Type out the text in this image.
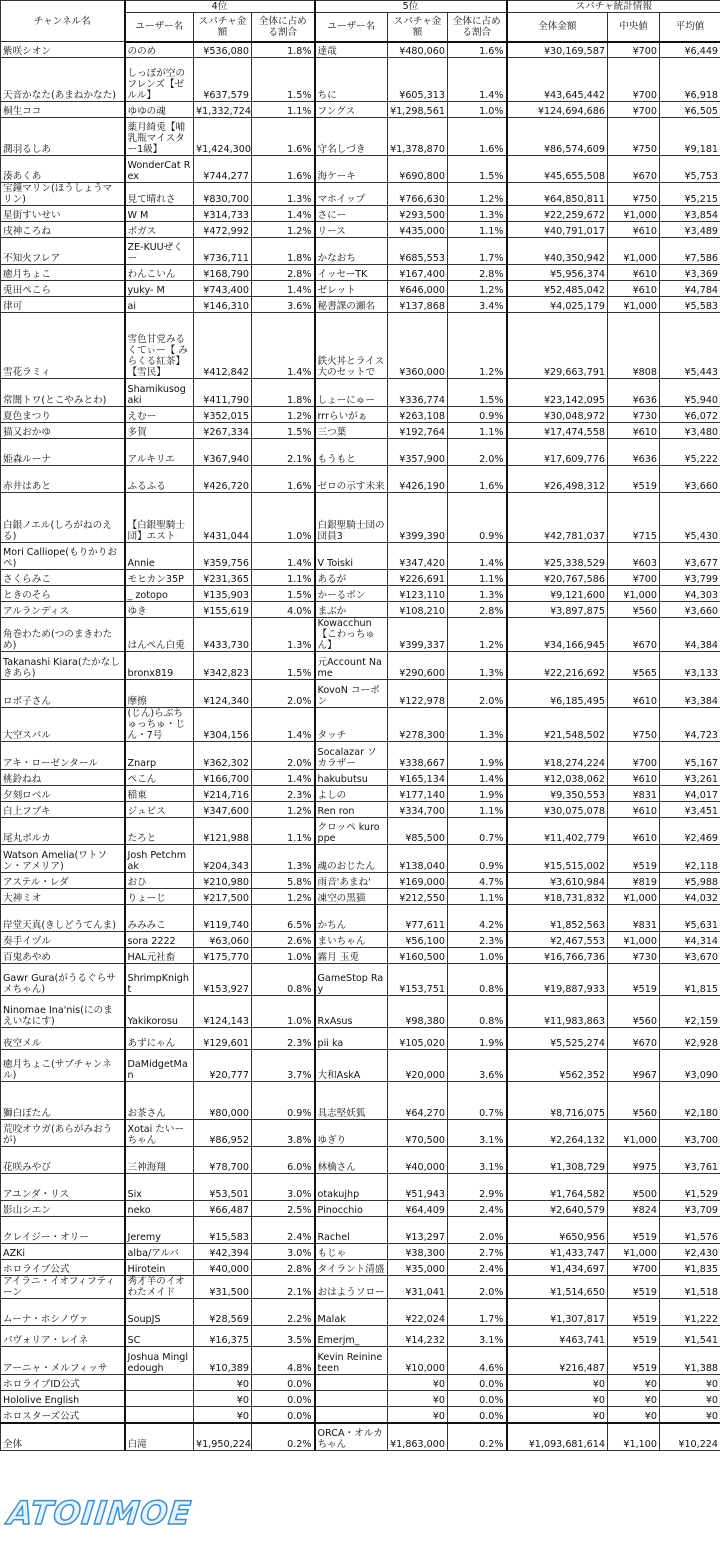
チャンネル名	4位			5位			スパチャ統計情報		
	ユーザー名	スパチャ金額	全体に占める割合	ユーザー名	スパチャ金額	全体に占める割合	全体金額	中央値	平均値
紫咲シオン	ののめ	¥536,080	1.8%	達哉	¥480,060	1.6%	¥30,169,587	¥700	¥6,449
天音かなた(あまねかなた)	しっぽが空のフレンズ【ゼルル】	¥637,579	1.5%	ちに	¥605,313	1.4%	¥43,645,442	¥700	¥6,918
桐生ココ	ゆゆの魂	¥1,332,724	1.1%	フングス	¥1,298,561	1.0%	¥124,694,686	¥700	¥6,505
潤羽るしあ	薬月綺兎【哺乳瓶マイスター1級】	¥1,424,300	1.6%	守名しづき	¥1,378,870	1.6%	¥86,574,609	¥750	¥9,181
湊あくあ	WonderCat Rex	¥744,277	1.6%	海ケーキ	¥690,800	1.5%	¥45,655,508	¥670	¥5,753
宝鐘マリン(ほうしょうマリン)	見て晴れさ	¥830,700	1.3%	マホイップ	¥766,630	1.2%	¥64,850,811	¥750	¥5,215
星街すいせい	W M	¥314,733	1.4%	さにー	¥293,500	1.3%	¥22,259,672	¥1,000	¥3,854
戌神ころね	ボガス	¥472,992	1.2%	リース	¥435,000	1.1%	¥40,791,017	¥610	¥3,489
不知火フレア	ZE-KUUぜくー	¥736,711	1.8%	かなおち	¥685,553	1.7%	¥40,350,942	¥1,000	¥7,586
癒月ちょこ	わんこいん	¥168,790	2.8%	イッセーTK	¥167,400	2.8%	¥5,956,374	¥610	¥3,369
兎田ぺこら	yuky- M	¥743,400	1.4%	ゼレット	¥646,000	1.2%	¥52,485,042	¥610	¥4,784
律可	ai	¥146,310	3.6%	秘書課の瀬名	¥137,868	3.4%	¥4,025,179	¥1,000	¥5,583
雪花ラミィ	雪色甘党みるくてぃー【 みらくる紅茶】【雪民】	¥412,842	1.4%	鉄火丼とライス大のセットで	¥360,000	1.2%	¥29,663,791	¥808	¥5,443
常闇トワ(とこやみとわ)	Shamikusogaki	¥411,790	1.8%	しょーにゅー	¥336,774	1.5%	¥23,142,095	¥636	¥5,940
夏色まつり	えむー	¥352,015	1.2%	rrrらいがぁ	¥263,108	0.9%	¥30,048,972	¥730	¥6,072
猫又おかゆ	多賀	¥267,334	1.5%	三つ葉	¥192,764	1.1%	¥17,474,558	¥610	¥3,480
姫森ルーナ	アルキリエ	¥367,940	2.1%	もうもと	¥357,900	2.0%	¥17,609,776	¥636	¥5,222
赤井はあと	ふるふる	¥426,720	1.6%	ゼロの示す未来	¥426,190	1.6%	¥26,498,312	¥519	¥3,660
白銀ノエル(しろがねのえる)	【白銀聖騎士団】エスト	¥431,044	1.0%	白銀聖騎士団の団員3	¥399,390	0.9%	¥42,781,037	¥715	¥5,430
Mori Calliope(もりかりおぺ)	Annie	¥359,756	1.4%	V Toiski	¥347,420	1.4%	¥25,338,529	¥603	¥3,677
さくらみこ	モヒカン35P	¥231,365	1.1%	あるが	¥226,691	1.1%	¥20,767,586	¥700	¥3,799
ときのそら	_ zotopo	¥135,903	1.5%	かーるボン	¥123,110	1.3%	¥9,121,600	¥1,000	¥4,303
アルランディス	ゆき	¥155,619	4.0%	まぶか	¥108,210	2.8%	¥3,897,875	¥560	¥3,660
角巻わため(つのまきわため)	はんぺん白兎	¥433,730	1.3%	Kowacchun【こわっちゅん】	¥399,337	1.2%	¥34,166,945	¥670	¥4,384
Takanashi Kiara(たかなしきあら)	bronx819	¥342,823	1.5%	元Account Name	¥290,600	1.3%	¥22,216,692	¥565	¥3,133
ロボ子さん	摩擦	¥124,340	2.0%	KovoN コーボン	¥122,978	2.0%	¥6,185,495	¥610	¥3,384
大空スバル	(じん)らぶちゅっちゅ・じん・7号	¥304,156	1.4%	タッチ	¥278,300	1.3%	¥21,548,502	¥750	¥4,723
アキ・ローゼンタール	Znarp	¥362,302	2.0%	Socalazar ソカラザー	¥338,667	1.9%	¥18,274,224	¥700	¥5,167
桃鈴ねね	ぺこん	¥166,700	1.4%	hakubutsu	¥165,134	1.4%	¥12,038,062	¥610	¥3,261
夕刻ロベル	稲東	¥214,716	2.3%	よしの	¥177,140	1.9%	¥9,350,553	¥831	¥4,017
白上フブキ	ジュビス	¥347,600	1.2%	Ren ron	¥334,700	1.1%	¥30,075,078	¥610	¥3,451
尾丸ポルカ	たろと	¥121,988	1.1%	クロッペ kuroppe	¥85,500	0.7%	¥11,402,779	¥610	¥2,469
Watson Amelia(ワトソン・アメリア)	Josh Petchmak	¥204,343	1.3%	魂のおじたん	¥138,040	0.9%	¥15,515,002	¥519	¥2,118
アステル・レダ	おひ	¥210,980	5.8%	雨音'あまね'	¥169,000	4.7%	¥3,610,984	¥819	¥5,988
大神ミオ	りょーじ	¥217,500	1.2%	凍空の黒猫	¥212,550	1.1%	¥18,731,832	¥1,000	¥4,032
岸堂天真(きしどうてんま)	みみみこ	¥119,740	6.5%	かちん	¥77,611	4.2%	¥1,852,563	¥831	¥5,631
奏手イヅル	sora 2222	¥63,060	2.6%	まいちゃん	¥56,100	2.3%	¥2,467,553	¥1,000	¥4,314
百鬼あやめ	HAL元社畜	¥175,770	1.0%	霧月 玉兎	¥160,500	1.0%	¥16,766,736	¥730	¥3,670
Gawr Gura(がうるぐらサメちゃん)	ShrimpKnight	¥153,927	0.8%	GameStop Ray	¥153,751	0.8%	¥19,887,933	¥519	¥1,815
Ninomae Ina'nis(にのまえいなにす)	Yakikorosu	¥124,143	1.0%	RxAsus	¥98,380	0.8%	¥11,983,863	¥560	¥2,159
夜空メル	あずにゃん	¥129,601	2.3%	pii ka	¥105,020	1.9%	¥5,525,274	¥670	¥2,928
癒月ちょこ(サブチャンネル)	DaMidgetMan	¥20,777	3.7%	大和AskA	¥20,000	3.6%	¥562,352	¥967	¥3,090
獅白ぼたん	お茶さん	¥80,000	0.9%	具志堅妖狐	¥64,270	0.7%	¥8,716,075	¥560	¥2,180
荒咬オウガ(あらがみおうが)	Xotai たいーちゃん	¥86,952	3.8%	ゆぎり	¥70,500	3.1%	¥2,264,132	¥1,000	¥3,700
花咲みやび	三神海翔	¥78,700	6.0%	林檎さん	¥40,000	3.1%	¥1,308,729	¥975	¥3,761
アユンダ・リス	Six	¥53,501	3.0%	otakujhp	¥51,943	2.9%	¥1,764,582	¥500	¥1,529
影山シエン	neko	¥66,487	2.5%	Pinocchio	¥64,409	2.4%	¥2,640,579	¥824	¥3,709
クレイジー・オリー	Jeremy	¥15,583	2.4%	Rachel	¥13,297	2.0%	¥650,956	¥519	¥1,576
AZKi	alba/アルバ	¥42,394	3.0%	もじゃ	¥38,300	2.7%	¥1,433,747	¥1,000	¥2,430
ホロライブ公式	Hirotein	¥40,000	2.8%	タイラント清盛	¥35,000	2.4%	¥1,434,697	¥700	¥1,835
アイラニ・イオフィフティーン	秀才羊のイオわたメイド	¥31,500	2.1%	おはようソロー	¥31,041	2.0%	¥1,514,650	¥519	¥1,518
ムーナ・ホシノヴァ	SoupJS	¥28,569	2.2%	Malak	¥22,024	1.7%	¥1,307,817	¥519	¥1,222
パヴォリア・レイネ	SC	¥16,375	3.5%	Emerjm_	¥14,232	3.1%	¥463,741	¥519	¥1,541
アーニャ・メルフィッサ	Joshua Mingledough	¥10,389	4.8%	Kevin Reinineteen	¥10,000	4.6%	¥216,487	¥519	¥1,388
ホロライブID公式		¥0	0.0%		¥0	0.0%	¥0	¥0	¥0
Hololive English		¥0	0.0%		¥0	0.0%	¥0	¥0	¥0
ホロスターズ公式		¥0	0.0%		¥0	0.0%	¥0	¥0	¥0
全体	白滝	¥1,950,224	0.2%	ORCA・オルカちゃん	¥1,863,000	0.2%	¥1,093,681,614	¥1,100	¥10,224
ATOIIMOE
